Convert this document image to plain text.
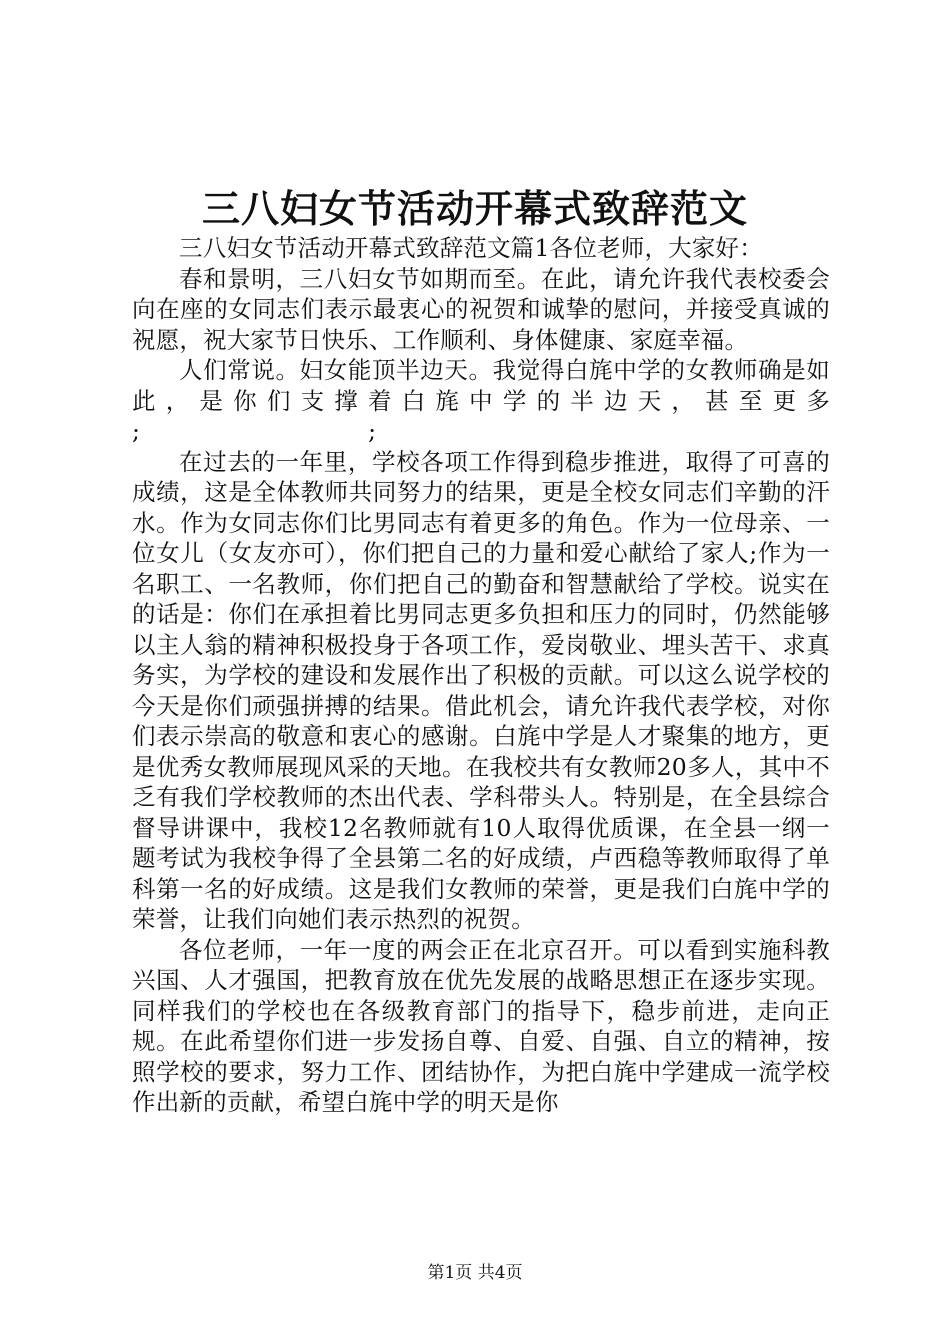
三八妇女节活动开幕式致辞范文

三八妇女节活动开幕式致辞范文篇1各位老师，大家好：

春和景明，三八妇女节如期而至。在此，请允许我代表校委会向在座的女同志们表示最衷心的祝贺和诚挚的慰问，并接受真诚的祝愿，祝大家节日快乐、工作顺利、身体健康、家庭幸福。

人们常说。妇女能顶半边天。我觉得白旄中学的女教师确是如此，是你们支撑着白旄中学的半边天，甚至更多

;	;

在过去的一年里，学校各项工作得到稳步推进，取得了可喜的成绩，这是全体教师共同努力的结果，更是全校女同志们辛勤的汗水。作为女同志你们比男同志有着更多的角色。作为一位母亲、一位女儿（女友亦可），你们把自己的力量和爱心献给了家人;作为一名职工、一名教师，你们把自己的勤奋和智慧献给了学校。说实在的话是：你们在承担着比男同志更多负担和压力的同时，仍然能够以主人翁的精神积极投身于各项工作，爱岗敬业、埋头苦干、求真务实，为学校的建设和发展作出了积极的贡献。可以这么说学校的今天是你们顽强拼搏的结果。借此机会，请允许我代表学校，对你们表示崇高的敬意和衷心的感谢。白旄中学是人才聚集的地方，更是优秀女教师展现风采的天地。在我校共有女教师20多人，其中不乏有我们学校教师的杰出代表、学科带头人。特别是，在全县综合督导讲课中，我校12名教师就有10人取得优质课，在全县一纲一题考试为我校争得了全县第二名的好成绩，卢西稳等教师取得了单科第一名的好成绩。这是我们女教师的荣誉，更是我们白旄中学的荣誉，让我们向她们表示热烈的祝贺。

各位老师，一年一度的两会正在北京召开。可以看到实施科教兴国、人才强国，把教育放在优先发展的战略思想正在逐步实现。同样我们的学校也在各级教育部门的指导下，稳步前进，走向正规。在此希望你们进一步发扬自尊、自爱、自强、自立的精神，按照学校的要求，努力工作、团结协作，为把白旄中学建成一流学校作出新的贡献，希望白旄中学的明天是你

第1页 共4页
